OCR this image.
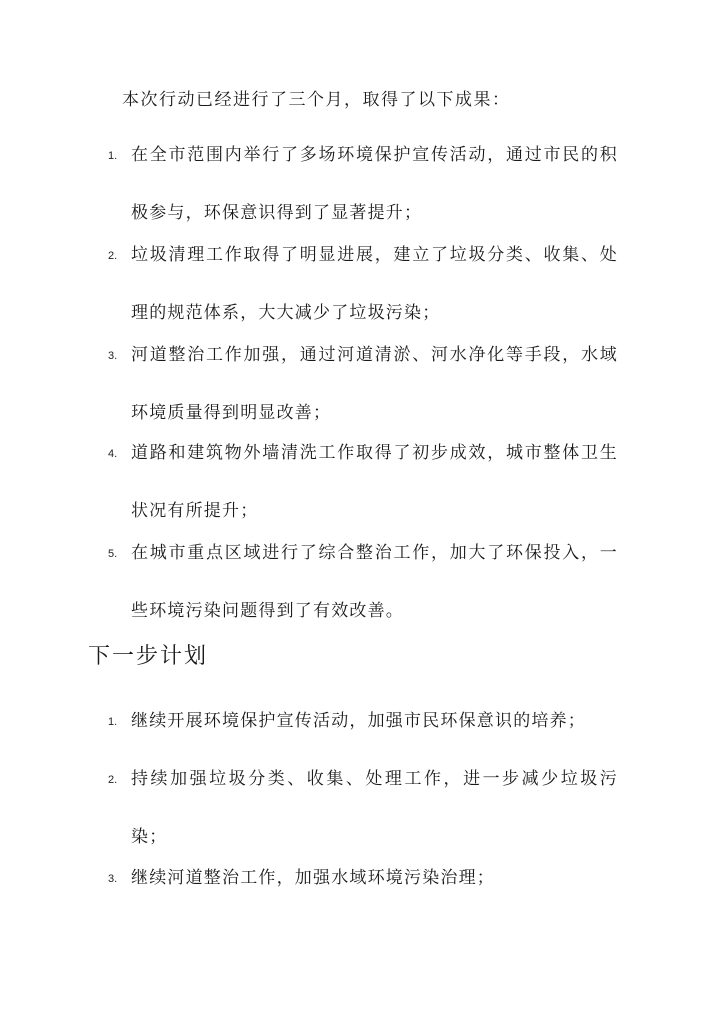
本次行动已经进行了三个月，取得了以下成果：
1. 在全市范围内举行了多场环境保护宣传活动，通过市民的积极参与，环保意识得到了显著提升；
2. 垃圾清理工作取得了明显进展，建立了垃圾分类、收集、处理的规范体系，大大减少了垃圾污染；
3. 河道整治工作加强，通过河道清淤、河水净化等手段，水域环境质量得到明显改善；
4. 道路和建筑物外墙清洗工作取得了初步成效，城市整体卫生状况有所提升；
5. 在城市重点区域进行了综合整治工作，加大了环保投入，一些环境污染问题得到了有效改善。
下一步计划
1. 继续开展环境保护宣传活动，加强市民环保意识的培养；
2. 持续加强垃圾分类、收集、处理工作，进一步减少垃圾污染；
3. 继续河道整治工作，加强水域环境污染治理；
